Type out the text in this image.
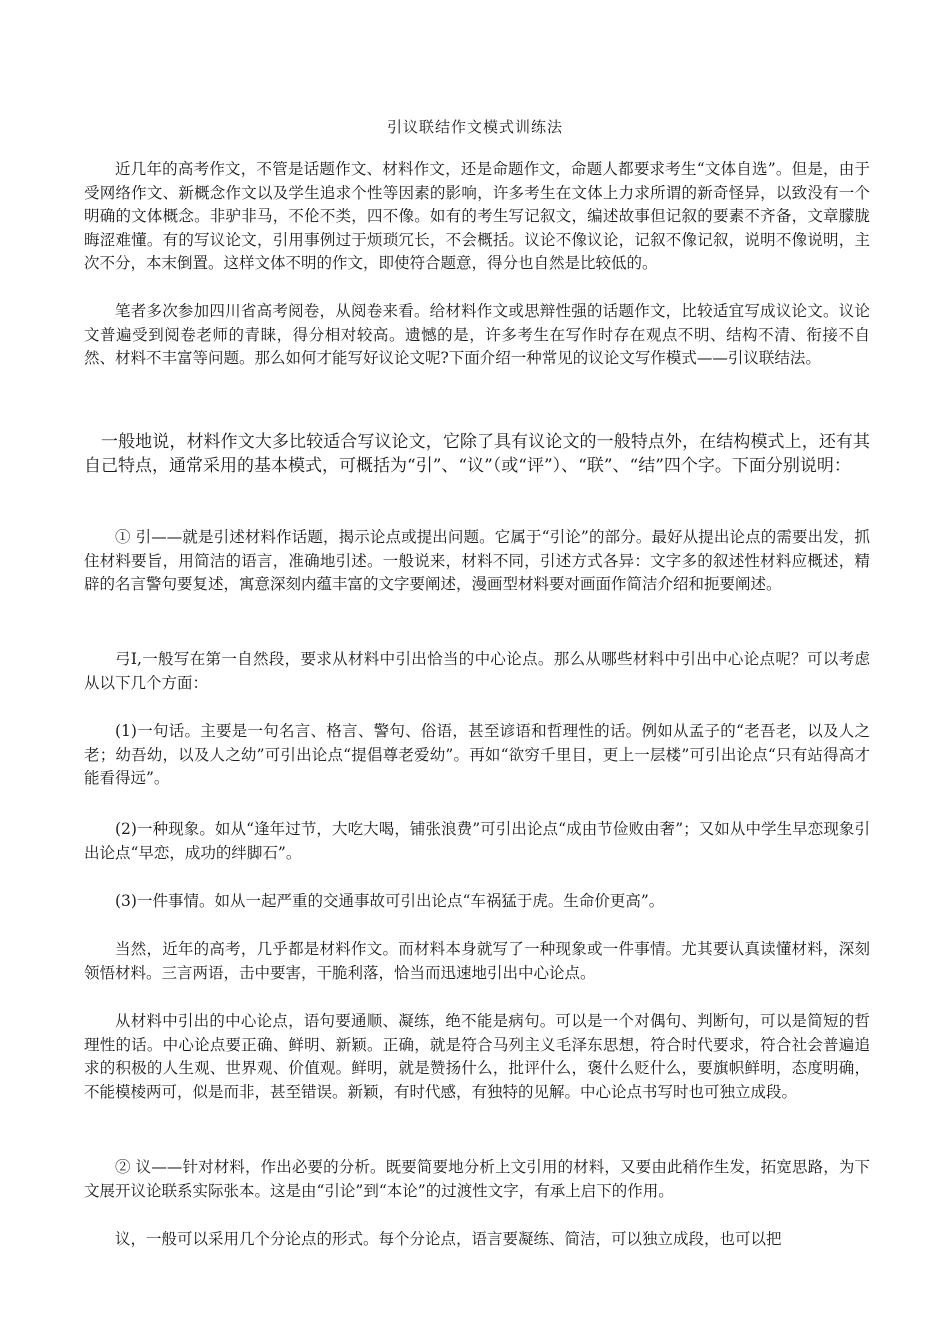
引议联结作文模式训练法

近几年的高考作文，不管是话题作文、材料作文，还是命题作文，命题人都要求考生“文体自选”。但是，由于受网络作文、新概念作文以及学生追求个性等因素的影响，许多考生在文体上力求所谓的新奇怪异，以致没有一个明确的文体概念。非驴非马，不伦不类，四不像。如有的考生写记叙文，编述故事但记叙的要素不齐备，文章朦胧晦涩难懂。有的写议论文，引用事例过于烦琐冗长，不会概括。议论不像议论，记叙不像记叙，说明不像说明，主次不分，本末倒置。这样文体不明的作文，即使符合题意，得分也自然是比较低的。

笔者多次参加四川省高考阅卷，从阅卷来看。给材料作文或思辩性强的话题作文，比较适宜写成议论文。议论文普遍受到阅卷老师的青睐，得分相对较高。遗憾的是，许多考生在写作时存在观点不明、结构不清、衔接不自然、材料不丰富等问题。那么如何才能写好议论文呢?下面介绍一种常见的议论文写作模式——引议联结法。

一般地说，材料作文大多比较适合写议论文，它除了具有议论文的一般特点外，在结构模式上，还有其自己特点，通常采用的基本模式，可概括为“引”、“议”（或“评”）、“联”、“结”四个字。下面分别说明：

① 引——就是引述材料作话题，揭示论点或提出问题。它属于“引论”的部分。最好从提出论点的需要出发，抓住材料要旨，用简洁的语言，准确地引述。一般说来，材料不同，引述方式各异：文字多的叙述性材料应概述，精辟的名言警句要复述，寓意深刻内蕴丰富的文字要阐述，漫画型材料要对画面作简洁介绍和扼要阐述。

弓I,一般写在第一自然段，要求从材料中引出恰当的中心论点。那么从哪些材料中引出中心论点呢？可以考虑从以下几个方面：

(1)一句话。主要是一句名言、格言、警句、俗语，甚至谚语和哲理性的话。例如从孟子的“老吾老，以及人之老；幼吾幼，以及人之幼”可引出论点“提倡尊老爱幼”。再如“欲穷千里目，更上一层楼”可引出论点“只有站得高才能看得远”。

(2)一种现象。如从“逢年过节，大吃大喝，铺张浪费”可引出论点“成由节俭败由奢”；又如从中学生早恋现象引出论点“早恋，成功的绊脚石”。

(3)一件事情。如从一起严重的交通事故可引出论点“车祸猛于虎。生命价更高”。

当然，近年的高考，几乎都是材料作文。而材料本身就写了一种现象或一件事情。尤其要认真读懂材料，深刻领悟材料。三言两语，击中要害，干脆利落，恰当而迅速地引出中心论点。

从材料中引出的中心论点，语句要通顺、凝练，绝不能是病句。可以是一个对偶句、判断句，可以是简短的哲理性的话。中心论点要正确、鲜明、新颖。正确，就是符合马列主义毛泽东思想，符合时代要求，符合社会普遍追求的积极的人生观、世界观、价值观。鲜明，就是赞扬什么，批评什么，褒什么贬什么，要旗帜鲜明，态度明确，不能模棱两可，似是而非，甚至错误。新颖，有时代感，有独特的见解。中心论点书写时也可独立成段。

② 议——针对材料，作出必要的分析。既要简要地分析上文引用的材料，又要由此稍作生发，拓宽思路，为下文展开议论联系实际张本。这是由“引论”到“本论”的过渡性文字，有承上启下的作用。

议，一般可以采用几个分论点的形式。每个分论点，语言要凝练、简洁，可以独立成段，也可以把
